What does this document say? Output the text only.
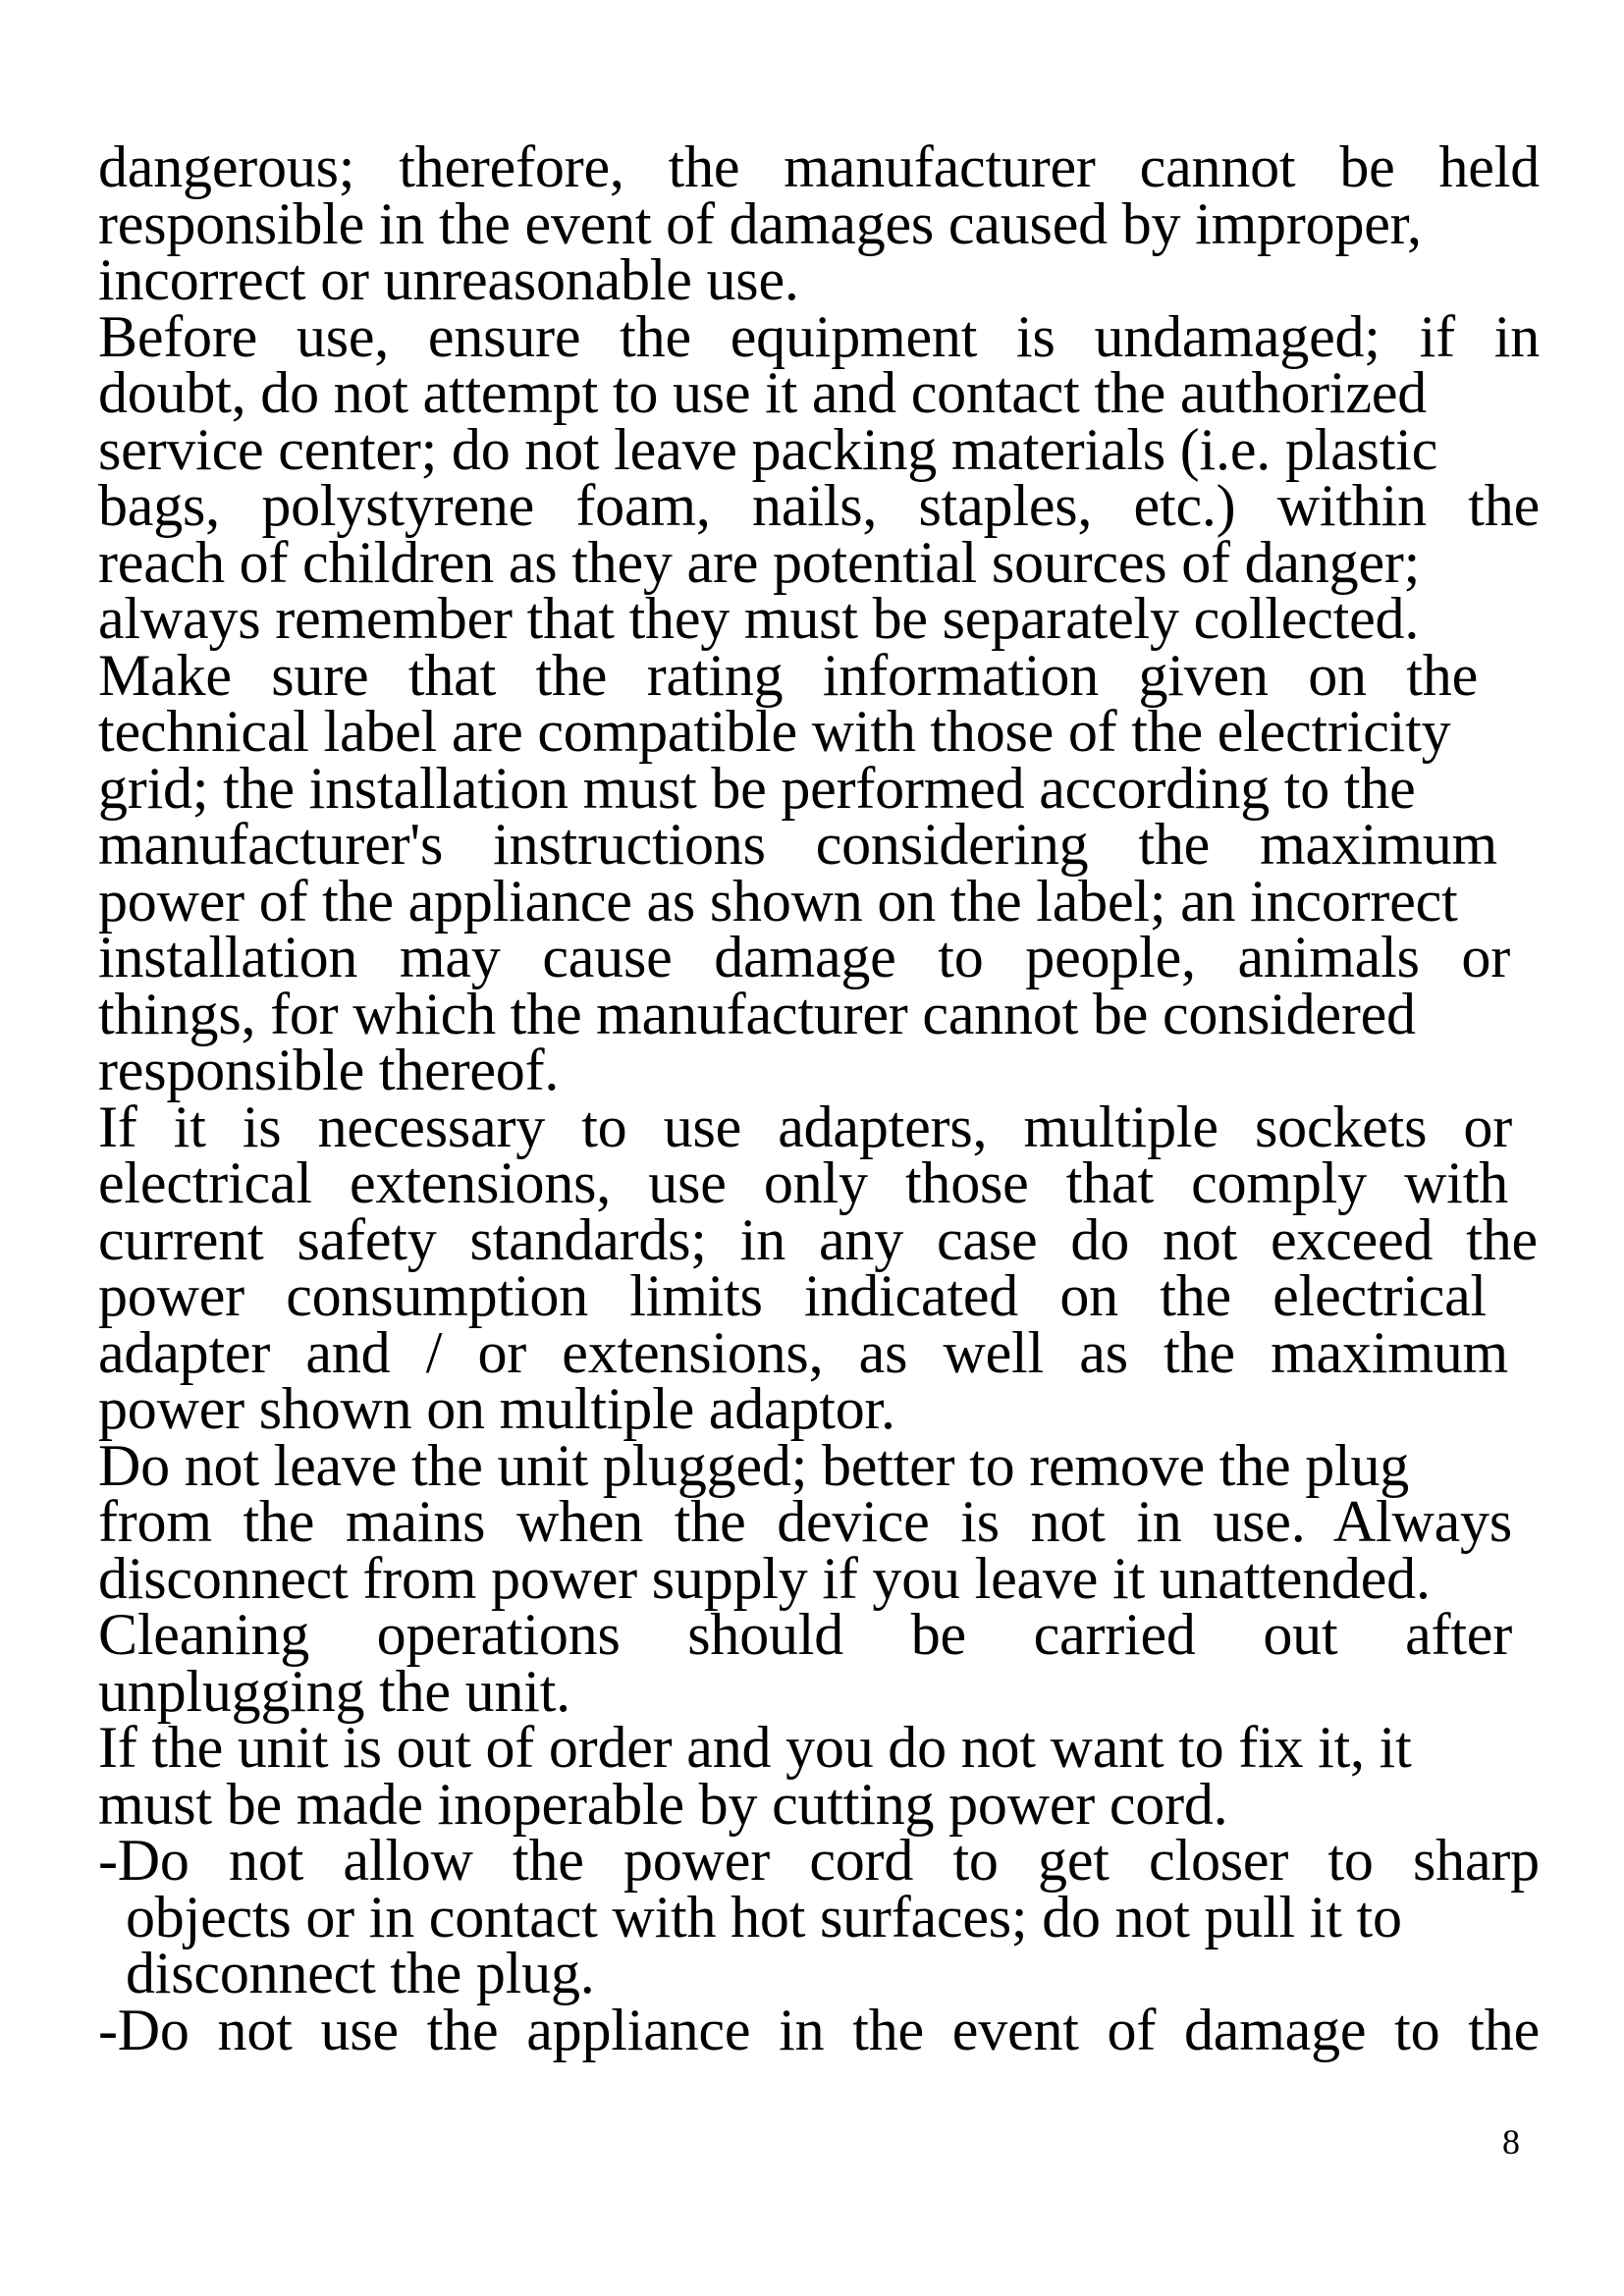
dangerous; therefore, the manufacturer cannot be held
responsible in the event of damages caused by improper,
incorrect or unreasonable use.
Before use, ensure the equipment is undamaged; if in
doubt, do not attempt to use it and contact the authorized
service center; do not leave packing materials (i.e. plastic
bags, polystyrene foam, nails, staples, etc.) within the
reach of children as they are potential sources of danger;
always remember that they must be separately collected.
Make sure that the rating information given on the
technical label are compatible with those of the electricity
grid; the installation must be performed according to the
manufacturer's instructions considering the maximum
power of the appliance as shown on the label; an incorrect
installation may cause damage to people, animals or
things, for which the manufacturer cannot be considered
responsible thereof.
If it is necessary to use adapters, multiple sockets or
electrical extensions, use only those that comply with
current safety standards; in any case do not exceed the
power consumption limits indicated on the electrical
adapter and / or extensions, as well as the maximum
power shown on multiple adaptor.
Do not leave the unit plugged; better to remove the plug
from the mains when the device is not in use. Always
disconnect from power supply if you leave it unattended.
Cleaning operations should be carried out after
unplugging the unit.
If the unit is out of order and you do not want to fix it, it
must be made inoperable by cutting power cord.
-Do not allow the power cord to get closer to sharp
objects or in contact with hot surfaces; do not pull it to
disconnect the plug.
-Do not use the appliance in the event of damage to the
8
